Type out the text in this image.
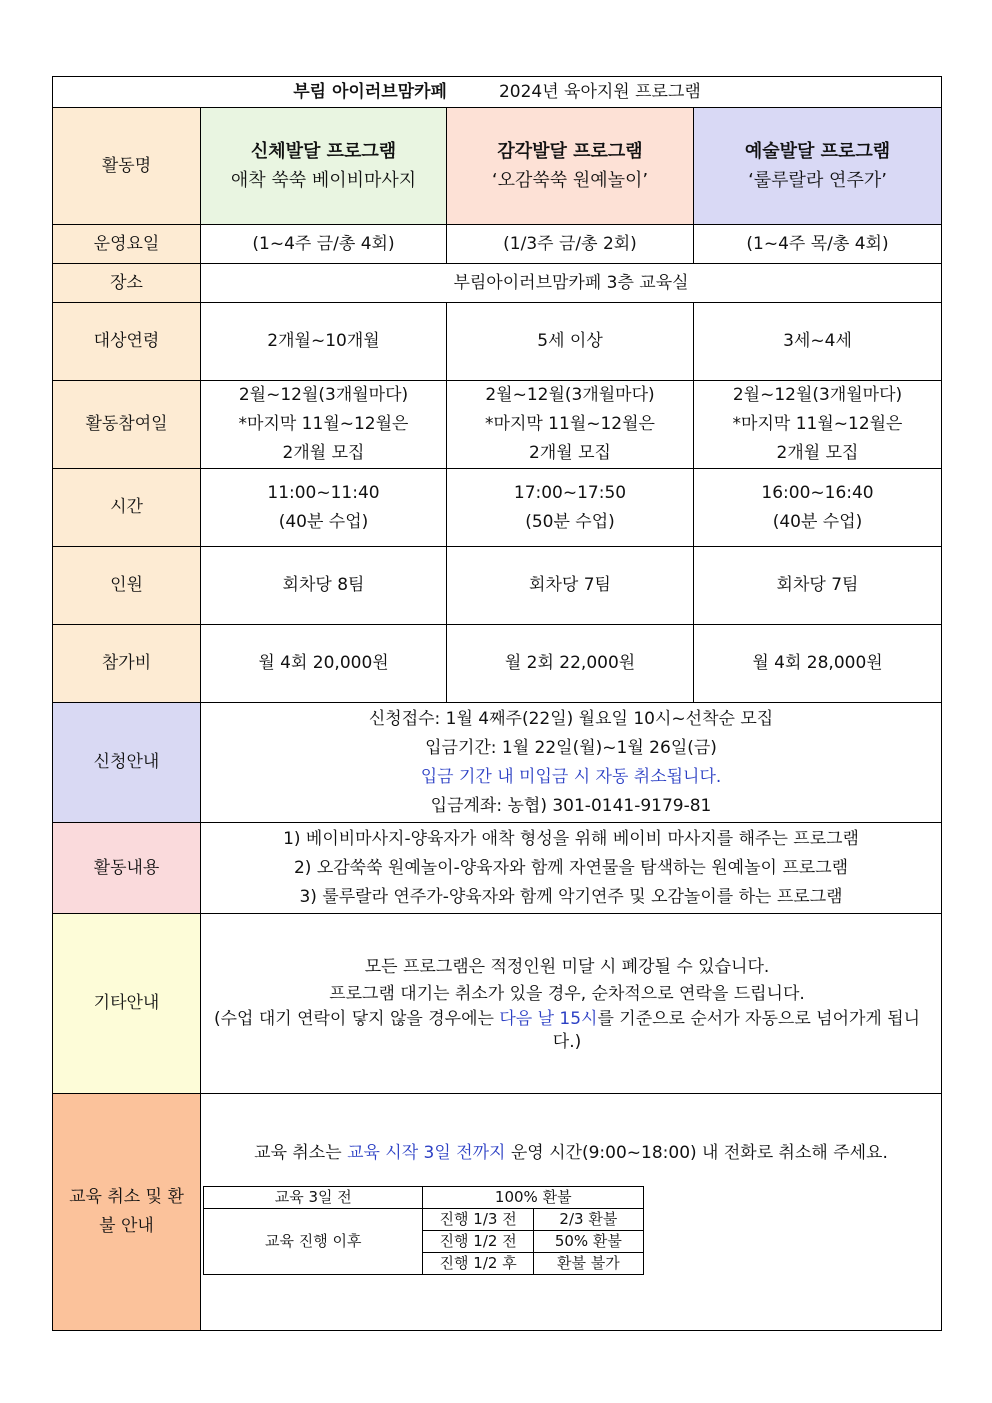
부림 아이러브맘카페	2024년 육아지원 프로그램
활동명	
신체발달 프로그램
애착 쑥쑥 베이비마사지

감각발달 프로그램
‘오감쑥쑥 원예놀이’

예술발달 프로그램
‘룰루랄라 연주가’

운영요일	(1~4주 금/총 4회)	(1/3주 금/총 2회)	(1~4주 목/총 4회)
장소	부림아이러브맘카페 3층 교육실
대상연령	2개월~10개월	5세 이상	3세~4세
활동참여일	
2월~12월(3개월마다)
*마지막 11월~12월은
2개월 모집

2월~12월(3개월마다)
*마지막 11월~12월은
2개월 모집

2월~12월(3개월마다)
*마지막 11월~12월은
2개월 모집

시간	
11:00~11:40
(40분 수업)

17:00~17:50
(50분 수업)

16:00~16:40
(40분 수업)

인원	회차당 8팀	회차당 7팀	회차당 7팀
참가비	월 4회 20,000원	월 2회 22,000원	월 4회 28,000원
신청안내	
신청접수: 1월 4째주(22일) 월요일 10시~선착순 모집
입금기간: 1월 22일(월)~1월 26일(금)
입금 기간 내 미입금 시 자동 취소됩니다.
입금계좌: 농협) 301-0141-9179-81

활동내용	
1) 베이비마사지-양육자가 애착 형성을 위해 베이비 마사지를 해주는 프로그램
2) 오감쑥쑥 원예놀이-양육자와 함께 자연물을 탐색하는 원예놀이 프로그램
3) 룰루랄라 연주가-양육자와 함께 악기연주 및 오감놀이를 하는 프로그램

기타안내	
모든 프로그램은 적정인원 미달 시 폐강될 수 있습니다.
프로그램 대기는 취소가 있을 경우, 순차적으로 연락을 드립니다.
(수업 대기 연락이 닿지 않을 경우에는 다음 날 15시를 기준으로 순서가 자동으로 넘어가게 됩니다.)

교육 취소 및 환불 안내	
교육 취소는 교육 시작 3일 전까지 운영 시간(9:00~18:00) 내 전화로 취소해 주세요.
교육 3일 전	100% 환불
교육 진행 이후	진행 1/3 전	2/3 환불
진행 1/2 전	50% 환불
진행 1/2 후	환불 불가
